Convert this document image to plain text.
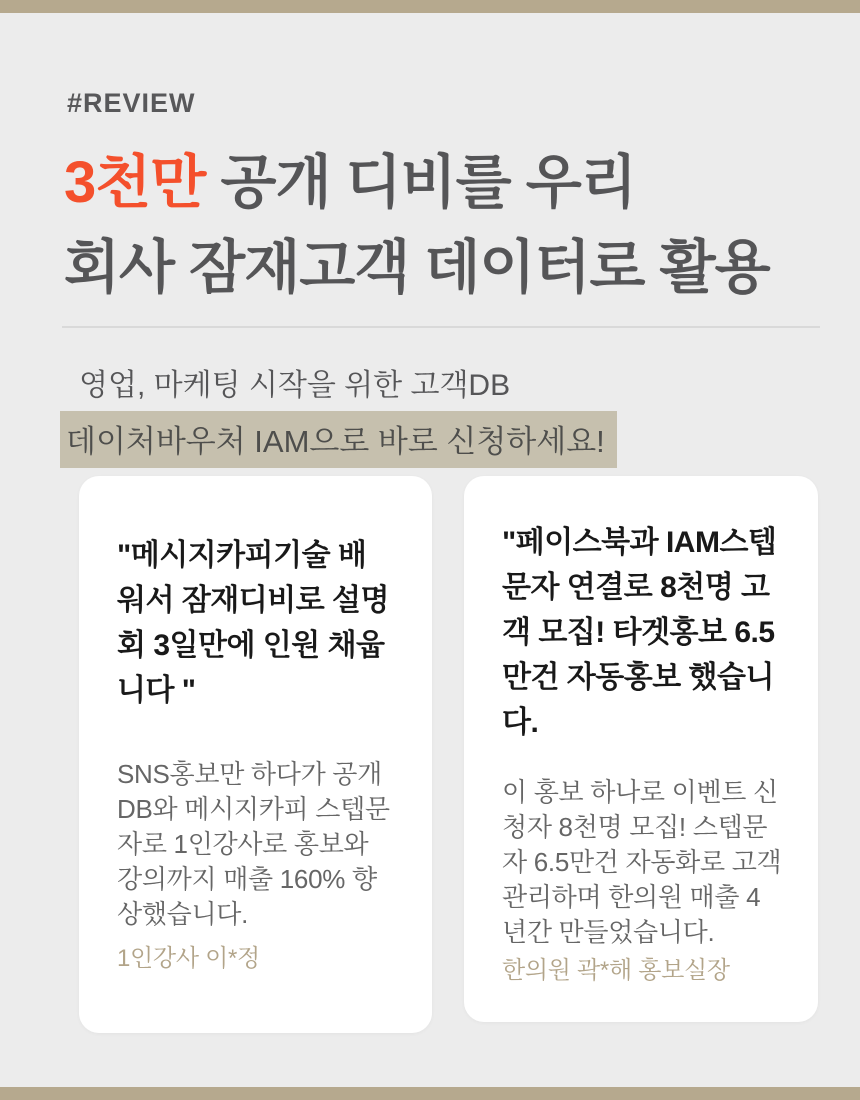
#REVIEW
3천만 공개 디비를 우리
회사 잠재고객 데이터로 활용
영업, 마케팅 시작을 위한 고객DB
데이처바우처 IAM으로 바로 신청하세요!
"메시지카피기술 배워서 잠재디비로 설명회 3일만에 인원 채웁니다 "
SNS홍보만 하다가 공개DB와 메시지카피 스텝문자로 1인강사로 홍보와 강의까지 매출 160% 향상했습니다.
1인강사 이*정
"페이스북과 IAM스텝문자 연결로 8천명 고객 모집! 타겟홍보 6.5만건 자동홍보 했습니다.
이 홍보 하나로 이벤트 신청자 8천명 모집! 스텝문자 6.5만건 자동화로 고객관리하며 한의원 매출 4년간 만들었습니다.
한의원 곽*해 홍보실장
